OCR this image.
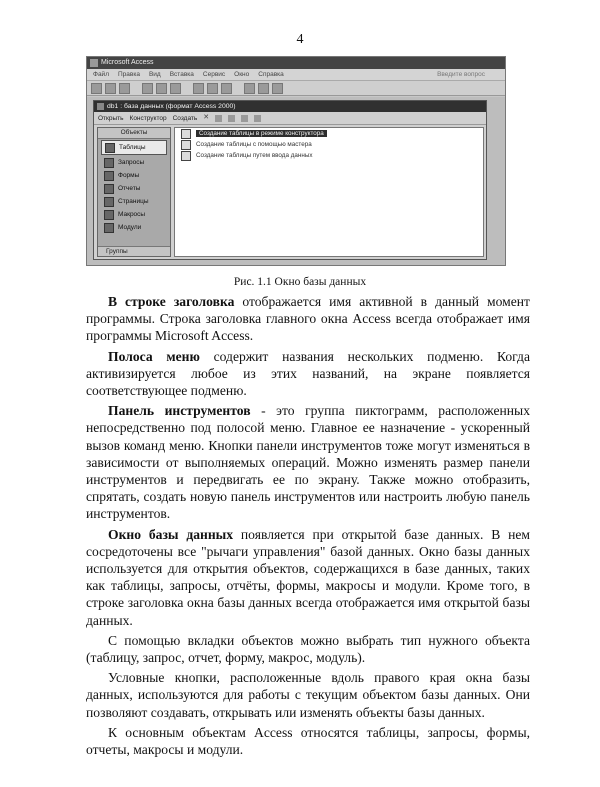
4
Microsoft Access
Файл Правка Вид Вставка Сервис Окно Справка	Введите вопрос
db1 : база данных (формат Access 2000)
Открыть Конструктор Создать ✕
Объекты
Таблицы
Запросы
Формы
Отчеты
Страницы
Макросы
Модули
Группы
Создание таблицы в режиме конструктора
Создание таблицы с помощью мастера
Создание таблицы путем ввода данных
Рис. 1.1 Окно базы данных

В строке заголовка отображается имя активной в данный момент программы. Строка заголовка главного окна Access всегда отображает имя программы Microsoft Access.

Полоса меню содержит названия нескольких подменю. Когда активизируется любое из этих названий, на экране появляется соответствующее подменю.

Панель инструментов - это группа пиктограмм, расположенных непосредственно под полосой меню. Главное ее назначение - ускоренный вызов команд меню. Кнопки панели инструментов тоже могут изменяться в зависимости от выполняемых операций. Можно изменять размер панели инструментов и передвигать ее по экрану. Также можно отобразить, спрятать, создать новую панель инструментов или настроить любую панель инструментов.

Окно базы данных появляется при открытой базе данных. В нем сосредоточены все "рычаги управления" базой данных. Окно базы данных используется для открытия объектов, содержащихся в базе данных, таких как таблицы, запросы, отчёты, формы, макросы и модули. Кроме того, в строке заголовка окна базы данных всегда отображается имя открытой базы данных.

С помощью вкладки объектов можно выбрать тип нужного объекта (таблицу, запрос, отчет, форму, макрос, модуль).

Условные кнопки, расположенные вдоль правого края окна базы данных, используются для работы с текущим объектом базы данных. Они позволяют создавать, открывать или изменять объекты базы данных.

К основным объектам Access относятся таблицы, запросы, формы, отчеты, макросы и модули.
